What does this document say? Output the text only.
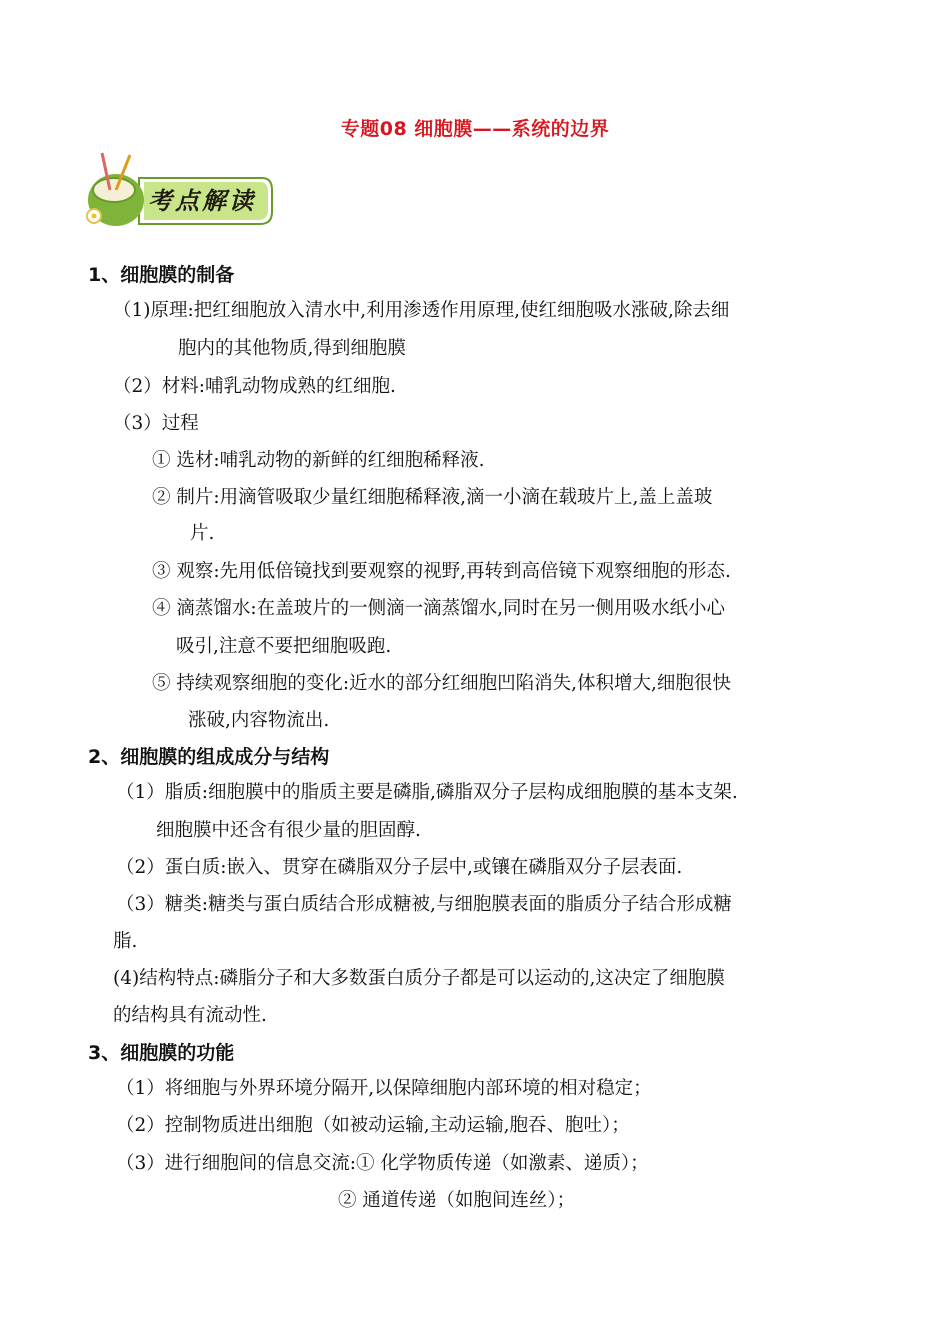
专题08 细胞膜——系统的边界
考点解读
1、细胞膜的制备
（1)原理:把红细胞放入清水中,利用渗透作用原理,使红细胞吸水涨破,除去细
胞内的其他物质,得到细胞膜
（2）材料:哺乳动物成熟的红细胞.
（3）过程
① 选材:哺乳动物的新鲜的红细胞稀释液.
② 制片:用滴管吸取少量红细胞稀释液,滴一小滴在载玻片上,盖上盖玻
片.
③ 观察:先用低倍镜找到要观察的视野,再转到高倍镜下观察细胞的形态.
④ 滴蒸馏水:在盖玻片的一侧滴一滴蒸馏水,同时在另一侧用吸水纸小心
吸引,注意不要把细胞吸跑.
⑤ 持续观察细胞的变化:近水的部分红细胞凹陷消失,体积增大,细胞很快
涨破,内容物流出.
2、细胞膜的组成成分与结构
（1）脂质:细胞膜中的脂质主要是磷脂,磷脂双分子层构成细胞膜的基本支架.
细胞膜中还含有很少量的胆固醇.
（2）蛋白质:嵌入、贯穿在磷脂双分子层中,或镶在磷脂双分子层表面.
（3）糖类:糖类与蛋白质结合形成糖被,与细胞膜表面的脂质分子结合形成糖
脂.
(4)结构特点:磷脂分子和大多数蛋白质分子都是可以运动的,这决定了细胞膜
的结构具有流动性.
3、细胞膜的功能
（1）将细胞与外界环境分隔开,以保障细胞内部环境的相对稳定；
（2）控制物质进出细胞（如被动运输,主动运输,胞吞、胞吐）；
（3）进行细胞间的信息交流:① 化学物质传递（如激素、递质）；
② 通道传递（如胞间连丝）；
